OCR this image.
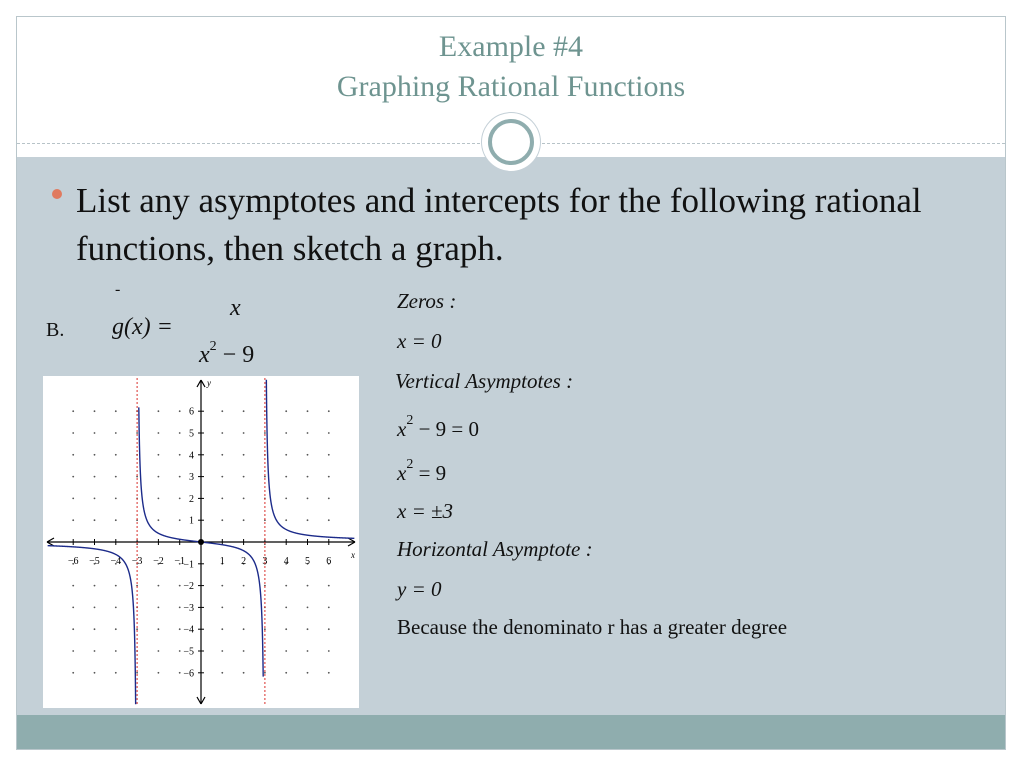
Example #4
Graphing Rational Functions
List any asymptotes and intercepts for the following rational functions, then sketch a graph.
B.
-
g(x) =
x
$x^2 - 9$
x
y
−6 −5 −4 −3 −2 −1	1 2 3 4 5 6
6
5
4
3
2
1
−1
−2
−3
−4
−5
−6
Zeros :
x = 0
Vertical Asymptotes :
$x^2 - 9 = 0$
$x^2 = 9$
x = ±3
Horizontal Asymptote :
y = 0
Because the denominato r has a greater degree
